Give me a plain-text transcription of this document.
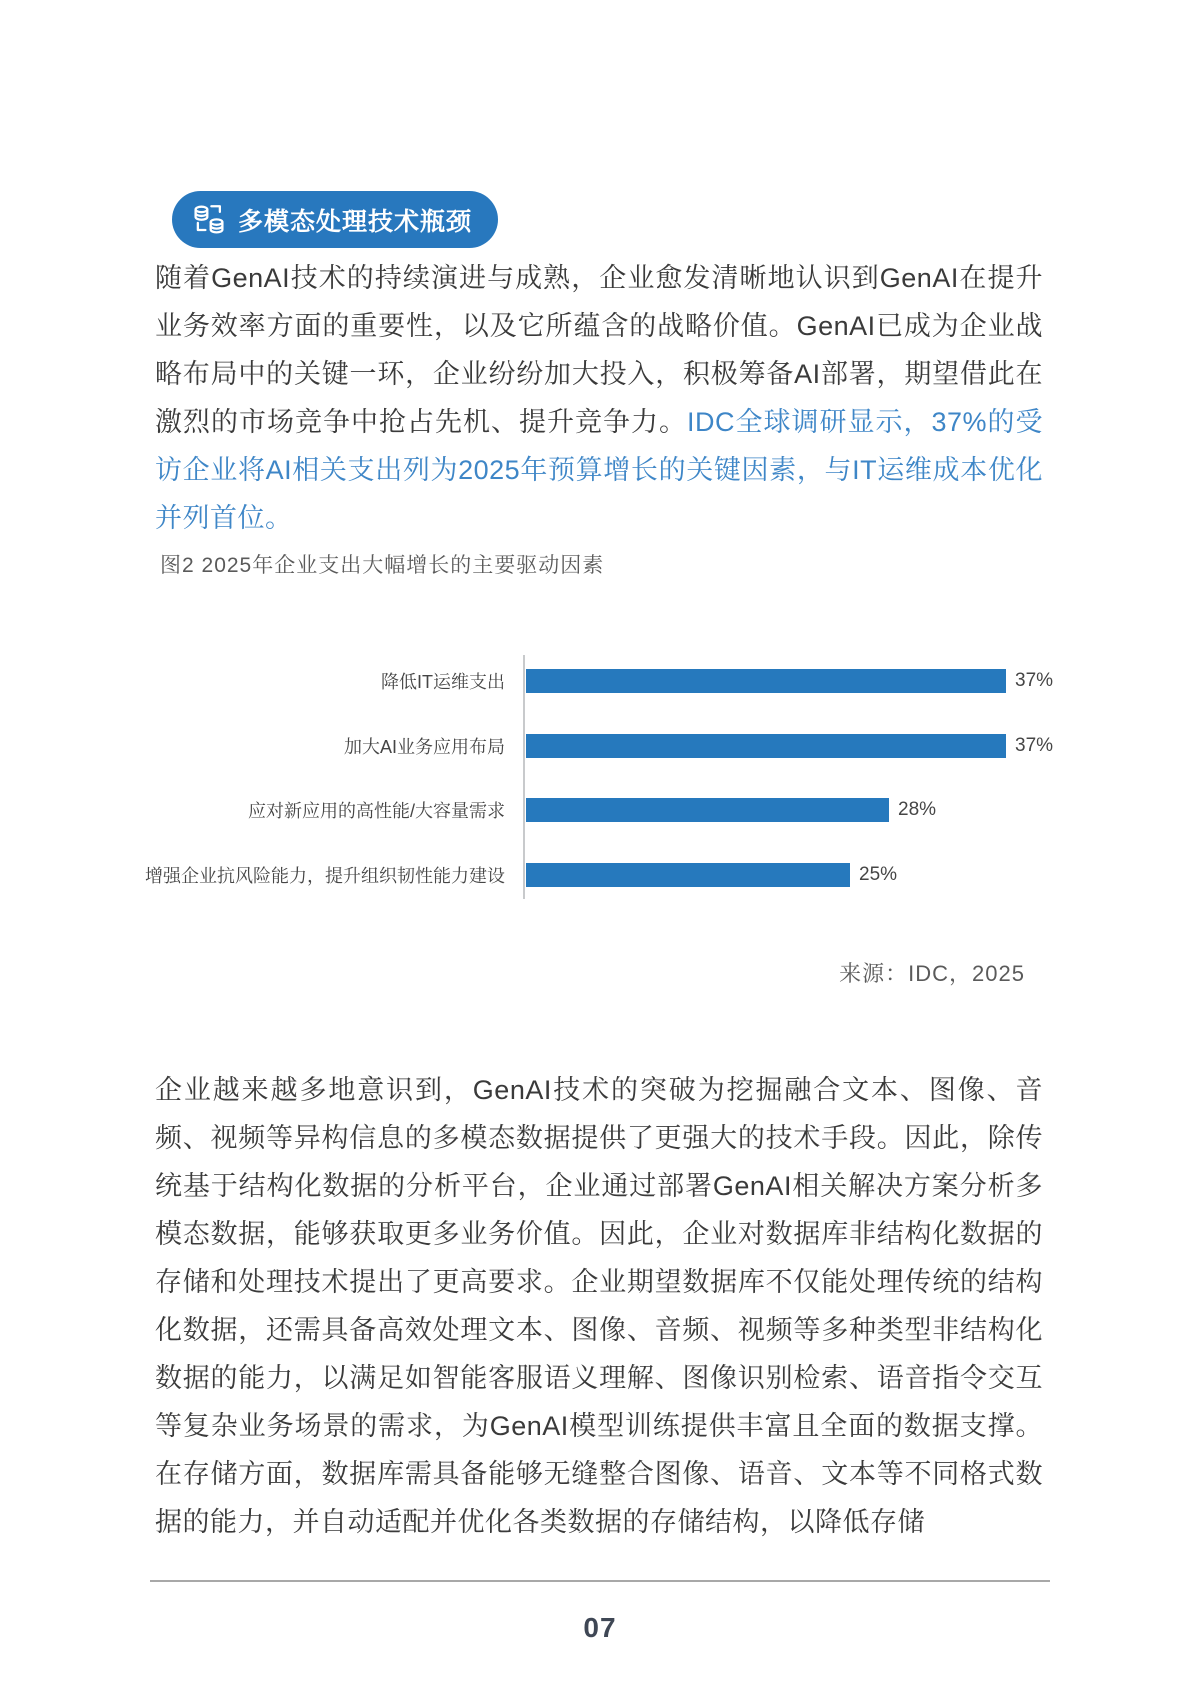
多模态处理技术瓶颈

随着GenAI技术的持续演进与成熟，企业愈发清晰地认识到GenAI在提升业务效率方面的重要性，以及它所蕴含的战略价值。GenAI已成为企业战略布局中的关键一环，企业纷纷加大投入，积极筹备AI部署，期望借此在激烈的市场竞争中抢占先机、提升竞争力。IDC全球调研显示，37%的受访企业将AI相关支出列为2025年预算增长的关键因素，与IT运维成本优化并列首位。

图2 2025年企业支出大幅增长的主要驱动因素
降低IT运维支出	37%
加大AI业务应用布局	37%
应对新应用的高性能/大容量需求	28%
增强企业抗风险能力，提升组织韧性能力建设	25%
来源：IDC，2025

企业越来越多地意识到，GenAI技术的突破为挖掘融合文本、图像、音频、视频等异构信息的多模态数据提供了更强大的技术手段。因此，除传统基于结构化数据的分析平台，企业通过部署GenAI相关解决方案分析多模态数据，能够获取更多业务价值。因此，企业对数据库非结构化数据的存储和处理技术提出了更高要求。企业期望数据库不仅能处理传统的结构化数据，还需具备高效处理文本、图像、音频、视频等多种类型非结构化数据的能力，以满足如智能客服语义理解、图像识别检索、语音指令交互等复杂业务场景的需求，为GenAI模型训练提供丰富且全面的数据支撑。在存储方面，数据库需具备能够无缝整合图像、语音、文本等不同格式数据的能力，并自动适配并优化各类数据的存储结构，以降低存储

07
